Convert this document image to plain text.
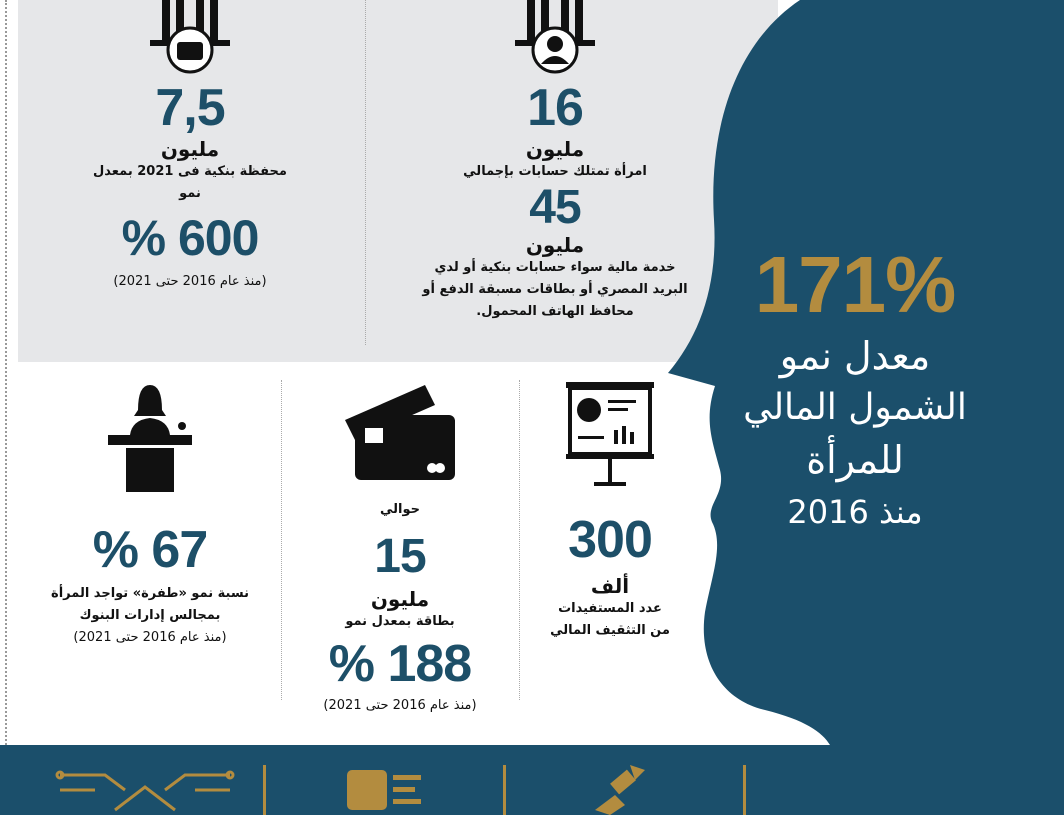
171%
معدل نمو
الشمول المالي
للمرأة
منذ 2016
7,5
مليون
محفظة بنكية فى 2021 بمعدل
نمو
% 600
(منذ عام 2016 حتى 2021)
16
مليون
امرأة تمتلك حسابات بإجمالي
45
مليون
خدمة مالية سواء حسابات بنكية أو لدي
البريد المصري أو بطاقات مسبقة الدفع أو
محافظ الهاتف المحمول.
% 67
نسبة نمو «طفرة» تواجد المرأة
بمجالس إدارات البنوك
(منذ عام 2016 حتى 2021)
حوالي
15
مليون
بطاقة بمعدل نمو
% 188
(منذ عام 2016 حتى 2021)
300
ألف
عدد المستفيدات
من التثقيف المالي
